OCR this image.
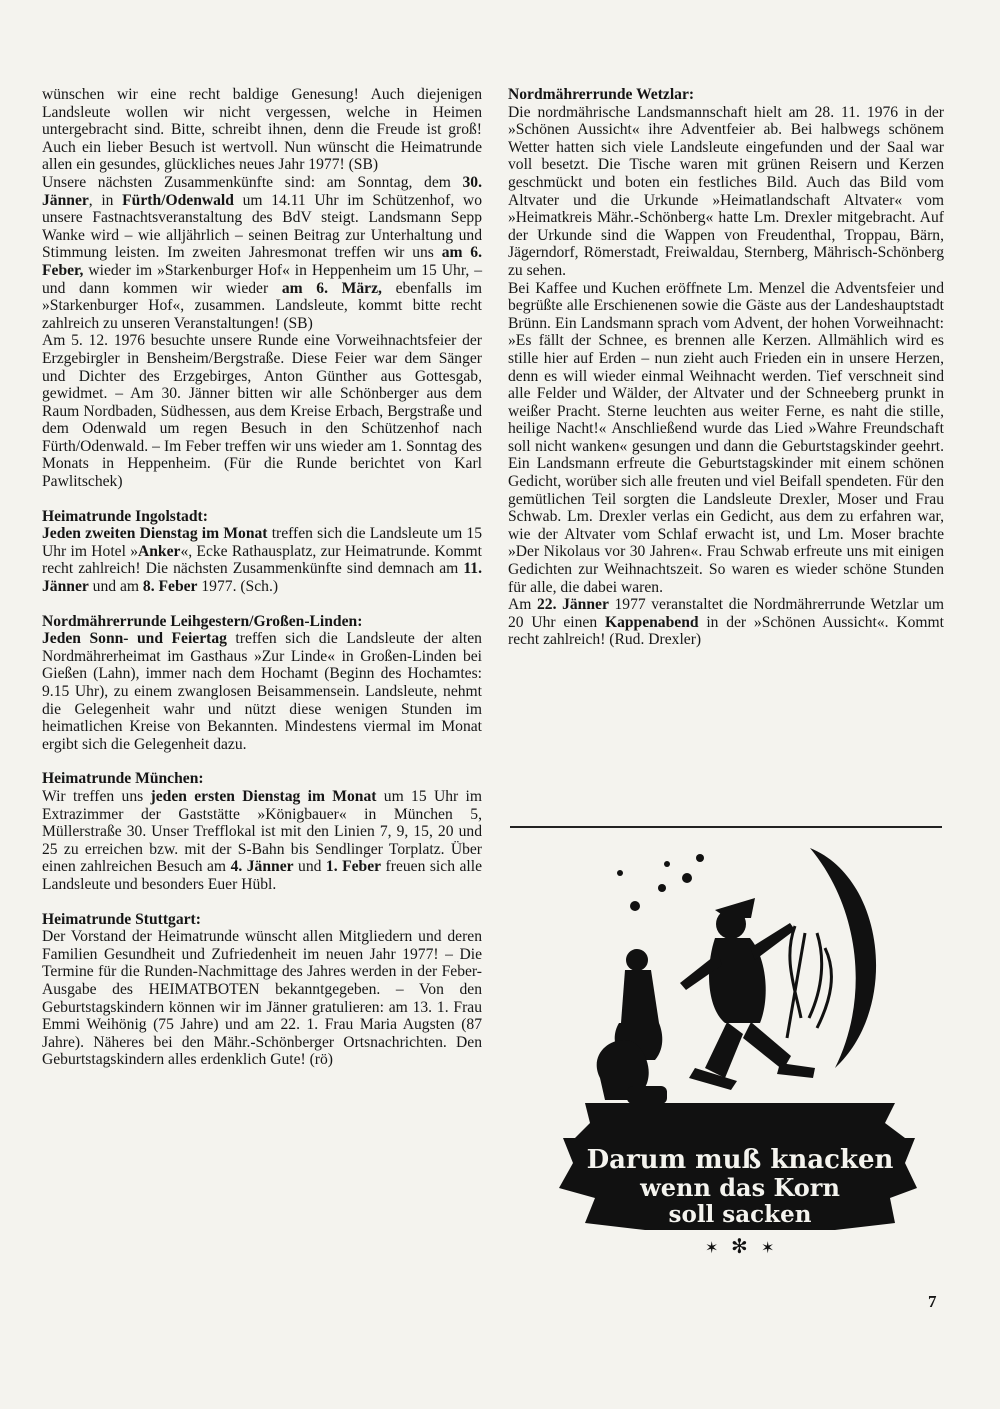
wünschen wir eine recht baldige Genesung! Auch diejenigen Landsleute wollen wir nicht vergessen, welche in Heimen untergebracht sind. Bitte, schreibt ihnen, denn die Freude ist groß! Auch ein lieber Besuch ist wertvoll. Nun wünscht die Heimatrunde allen ein gesundes, glückliches neues Jahr 1977! (SB)

Unsere nächsten Zusammenkünfte sind: am Sonntag, dem 30. Jänner, in Fürth/Odenwald um 14.11 Uhr im Schützenhof, wo unsere Fastnachtsveranstaltung des BdV steigt. Landsmann Sepp Wanke wird – wie alljährlich – seinen Beitrag zur Unterhaltung und Stimmung leisten. Im zweiten Jahresmonat treffen wir uns am 6. Feber, wieder im »Starkenburger Hof« in Heppenheim um 15 Uhr, – und dann kommen wir wieder am 6. März, ebenfalls im »Starkenburger Hof«, zusammen. Landsleute, kommt bitte recht zahlreich zu unseren Veranstaltungen! (SB)

Am 5. 12. 1976 besuchte unsere Runde eine Vorweihnachtsfeier der Erzgebirgler in Bensheim/Bergstraße. Diese Feier war dem Sänger und Dichter des Erzgebirges, Anton Günther aus Gottesgab, gewidmet. – Am 30. Jänner bitten wir alle Schönberger aus dem Raum Nordbaden, Südhessen, aus dem Kreise Erbach, Bergstraße und dem Odenwald um regen Besuch in den Schützenhof nach Fürth/Odenwald. – Im Feber treffen wir uns wieder am 1. Sonntag des Monats in Heppenheim. (Für die Runde berichtet von Karl Pawlitschek)

Heimatrunde Ingolstadt:

Jeden zweiten Dienstag im Monat treffen sich die Landsleute um 15 Uhr im Hotel »Anker«, Ecke Rathausplatz, zur Heimatrunde. Kommt recht zahlreich! Die nächsten Zusammenkünfte sind demnach am 11. Jänner und am 8. Feber 1977. (Sch.)

Nordmährerrunde Leihgestern/Großen-Linden:

Jeden Sonn- und Feiertag treffen sich die Landsleute der alten Nordmährerheimat im Gasthaus »Zur Linde« in Großen-Linden bei Gießen (Lahn), immer nach dem Hochamt (Beginn des Hochamtes: 9.15 Uhr), zu einem zwanglosen Beisammensein. Landsleute, nehmt die Gelegenheit wahr und nützt diese wenigen Stunden im heimatlichen Kreise von Bekannten. Mindestens viermal im Monat ergibt sich die Gelegenheit dazu.

Heimatrunde München:

Wir treffen uns jeden ersten Dienstag im Monat um 15 Uhr im Extrazimmer der Gaststätte »Königbauer« in München 5, Müllerstraße 30. Unser Trefflokal ist mit den Linien 7, 9, 15, 20 und 25 zu erreichen bzw. mit der S-Bahn bis Sendlinger Torplatz. Über einen zahlreichen Besuch am 4. Jänner und 1. Feber freuen sich alle Landsleute und besonders Euer Hübl.

Heimatrunde Stuttgart:

Der Vorstand der Heimatrunde wünscht allen Mitgliedern und deren Familien Gesundheit und Zufriedenheit im neuen Jahr 1977! – Die Termine für die Runden-Nachmittage des Jahres werden in der Feber-Ausgabe des HEIMATBOTEN bekanntgegeben. – Von den Geburtstagskindern können wir im Jänner gratulieren: am 13. 1. Frau Emmi Weihönig (75 Jahre) und am 22. 1. Frau Maria Augsten (87 Jahre). Näheres bei den Mähr.-Schönberger Ortsnachrichten. Den Geburtstagskindern alles erdenklich Gute! (rö)

Nordmährerrunde Wetzlar:

Die nordmährische Landsmannschaft hielt am 28. 11. 1976 in der »Schönen Aussicht« ihre Adventfeier ab. Bei halbwegs schönem Wetter hatten sich viele Landsleute eingefunden und der Saal war voll besetzt. Die Tische waren mit grünen Reisern und Kerzen geschmückt und boten ein festliches Bild. Auch das Bild vom Altvater und die Urkunde »Heimatlandschaft Altvater« vom »Heimatkreis Mähr.-Schönberg« hatte Lm. Drexler mitgebracht. Auf der Urkunde sind die Wappen von Freudenthal, Troppau, Bärn, Jägerndorf, Römerstadt, Freiwaldau, Sternberg, Mährisch-Schönberg zu sehen.

Bei Kaffee und Kuchen eröffnete Lm. Menzel die Adventsfeier und begrüßte alle Erschienenen sowie die Gäste aus der Landeshauptstadt Brünn. Ein Landsmann sprach vom Advent, der hohen Vorweihnacht: »Es fällt der Schnee, es brennen alle Kerzen. Allmählich wird es stille hier auf Erden – nun zieht auch Frieden ein in unsere Herzen, denn es will wieder einmal Weihnacht werden. Tief verschneit sind alle Felder und Wälder, der Altvater und der Schneeberg prunkt in weißer Pracht. Sterne leuchten aus weiter Ferne, es naht die stille, heilige Nacht!« Anschließend wurde das Lied »Wahre Freundschaft soll nicht wanken« gesungen und dann die Geburtstagskinder geehrt. Ein Landsmann erfreute die Geburtstagskinder mit einem schönen Gedicht, worüber sich alle freuten und viel Beifall spendeten. Für den gemütlichen Teil sorgten die Landsleute Drexler, Moser und Frau Schwab. Lm. Drexler verlas ein Gedicht, aus dem zu erfahren war, wie der Altvater vom Schlaf erwacht ist, und Lm. Moser brachte »Der Nikolaus vor 30 Jahren«. Frau Schwab erfreute uns mit einigen Gedichten zur Weihnachtszeit. So waren es wieder schöne Stunden für alle, die dabei waren.

Am 22. Jänner 1977 veranstaltet die Nordmährerrunde Wetzlar um 20 Uhr einen Kappenabend in der »Schönen Aussicht«. Kommt recht zahlreich! (Rud. Drexler)

Darum muß knacken
wenn das Korn
soll sacken
✶ ✻ ✶
7
